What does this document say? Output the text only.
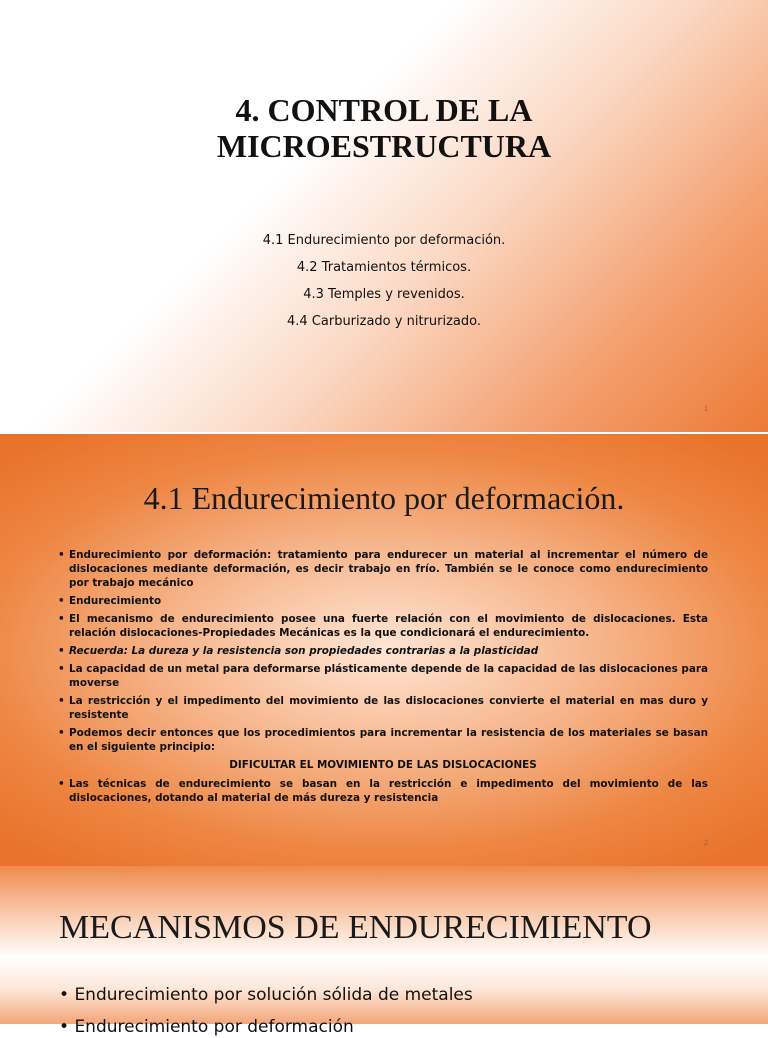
4. CONTROL DE LA
MICROESTRUCTURA
4.1 Endurecimiento por deformación.
4.2 Tratamientos térmicos.
4.3 Temples y revenidos.
4.4 Carburizado y nitrurizado.
1
4.1 Endurecimiento por deformación.
• Endurecimiento por deformación: tratamiento para endurecer un material al incrementar el número de dislocaciones mediante deformación, es decir trabajo en frío. También se le conoce como endurecimiento por trabajo mecánico
• Endurecimiento
• El mecanismo de endurecimiento posee una fuerte relación con el movimiento de dislocaciones. Esta relación dislocaciones-Propiedades Mecánicas es la que condicionará el endurecimiento.
• Recuerda: La dureza y la resistencia son propiedades contrarias a la plasticidad
• La capacidad de un metal para deformarse plásticamente depende de la capacidad de las dislocaciones para moverse
• La restricción y el impedimento del movimiento de las dislocaciones convierte el material en mas duro y resistente
• Podemos decir entonces que los procedimientos para incrementar la resistencia de los materiales se basan en el siguiente principio:
DIFICULTAR EL MOVIMIENTO DE LAS DISLOCACIONES
• Las técnicas de endurecimiento se basan en la restricción e impedimento del movimiento de las dislocaciones, dotando al material de más dureza y resistencia
2
MECANISMOS DE ENDURECIMIENTO
• Endurecimiento por solución sólida de metales
• Endurecimiento por deformación
